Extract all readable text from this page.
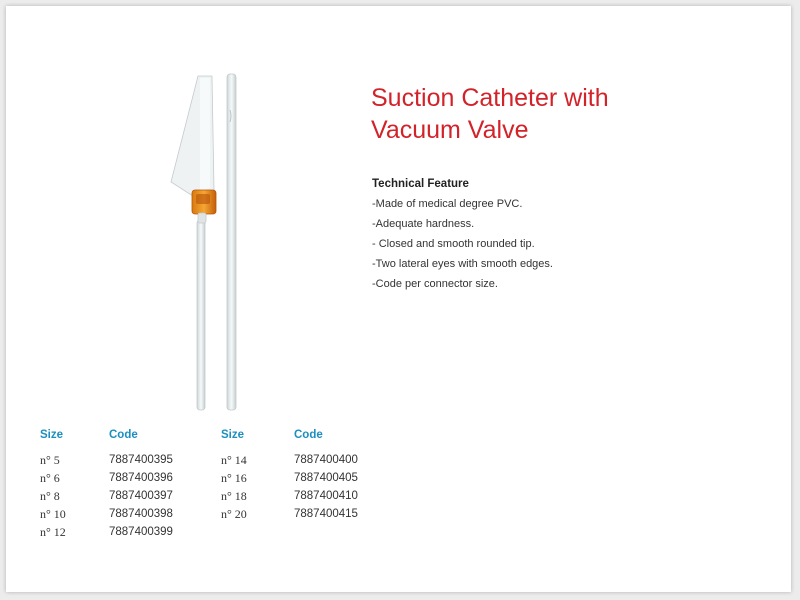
Suction Catheter with
Vacuum Valve
Technical Feature
-Made of medical degree PVC.
-Adequate hardness.
- Closed and smooth rounded tip.
-Two lateral eyes with smooth edges.
-Code per connector size.
Size
n° 5
n° 6
n° 8
n° 10
n° 12
Code
7887400395
7887400396
7887400397
7887400398
7887400399
Size
n° 14
n° 16
n° 18
n° 20
Code
7887400400
7887400405
7887400410
7887400415
